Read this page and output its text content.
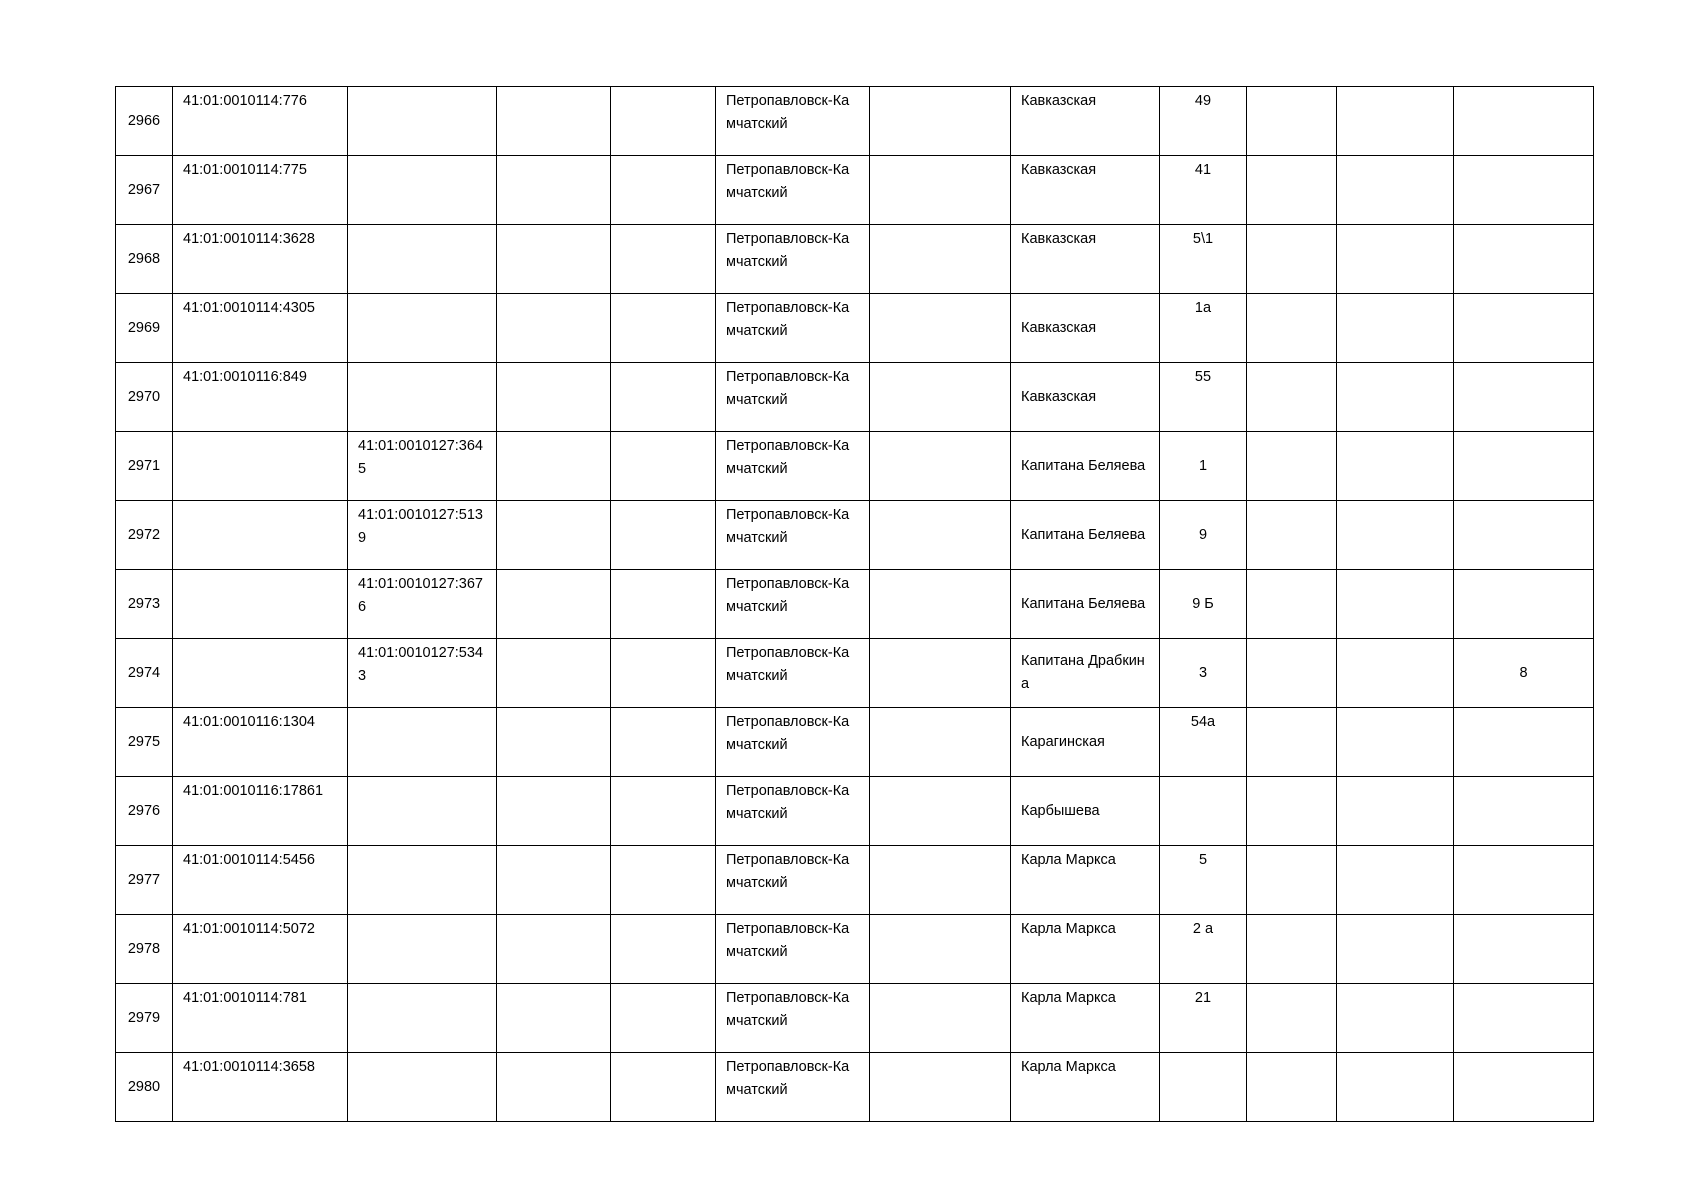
2966	41:01:0010114:776				Петропавловск-Камчатский		Кавказская	49			
2967	41:01:0010114:775				Петропавловск-Камчатский		Кавказская	41			
2968	41:01:0010114:3628				Петропавловск-Камчатский		Кавказская	5\1			
2969	41:01:0010114:4305				Петропавловск-Камчатский		Кавказская	1а			
2970	41:01:0010116:849				Петропавловск-Камчатский		Кавказская	55			
2971		41:01:0010127:3645			Петропавловск-Камчатский		Капитана Беляева	1			
2972		41:01:0010127:5139			Петропавловск-Камчатский		Капитана Беляева	9			
2973		41:01:0010127:3676			Петропавловск-Камчатский		Капитана Беляева	9 Б			
2974		41:01:0010127:5343			Петропавловск-Камчатский		Капитана Драбкина	3			8
2975	41:01:0010116:1304				Петропавловск-Камчатский		Карагинская	54а			
2976	41:01:0010116:17861				Петропавловск-Камчатский		Карбышева				
2977	41:01:0010114:5456				Петропавловск-Камчатский		Карла Маркса	5			
2978	41:01:0010114:5072				Петропавловск-Камчатский		Карла Маркса	2 а			
2979	41:01:0010114:781				Петропавловск-Камчатский		Карла Маркса	21			
2980	41:01:0010114:3658				Петропавловск-Камчатский		Карла Маркса				
